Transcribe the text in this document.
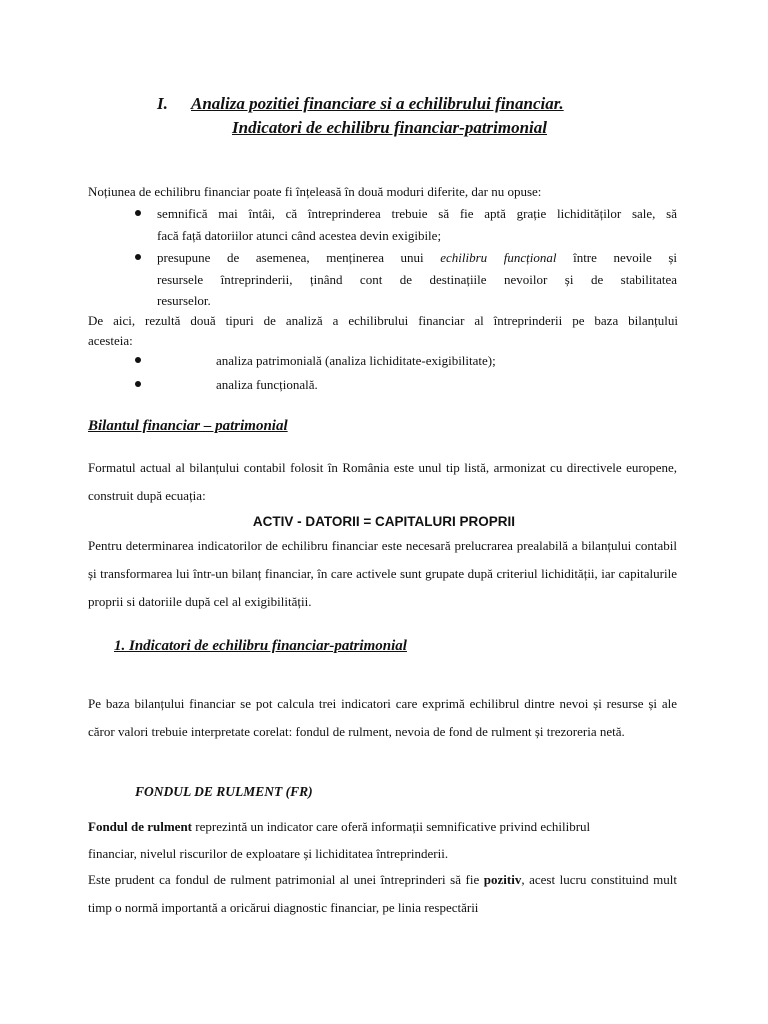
I. Analiza pozitiei financiare si a echilibrului financiar.
Indicatori de echilibru financiar-patrimonial
Noțiunea de echilibru financiar poate fi înțeleasă în două moduri diferite, dar nu opuse:
semnifică mai întâi, că întreprinderea trebuie să fie aptă grație lichidităților sale, să
facă față datoriilor atunci când acestea devin exigibile;
presupune de asemenea, menținerea unui echilibru funcțional între nevoile și
resursele întreprinderii, ținând cont de destinațiile nevoilor și de stabilitatea
resurselor.
De aici, rezultă două tipuri de analiză a echilibrului financiar al întreprinderii pe baza bilanțului
acesteia:
analiza patrimonială (analiza lichiditate-exigibilitate);
analiza funcțională.
Bilantul financiar – patrimonial
Formatul actual al bilanțului contabil folosit în România este unul tip listă, armonizat cu directivele europene, construit după ecuația:
ACTIV - DATORII = CAPITALURI PROPRII
Pentru determinarea indicatorilor de echilibru financiar este necesară prelucrarea prealabilă a bilanțului contabil și transformarea lui într-un bilanț financiar, în care activele sunt grupate după criteriul lichidității, iar capitalurile proprii si datoriile după cel al exigibilității.
1. Indicatori de echilibru financiar-patrimonial
Pe baza bilanțului financiar se pot calcula trei indicatori care exprimă echilibrul dintre nevoi și resurse și ale căror valori trebuie interpretate corelat: fondul de rulment, nevoia de fond de rulment și trezoreria netă.
FONDUL DE RULMENT (FR)
Fondul de rulment reprezintă un indicator care oferă informații semnificative privind echilibrul
financiar, nivelul riscurilor de exploatare și lichiditatea întreprinderii.
Este prudent ca fondul de rulment patrimonial al unei întreprinderi să fie pozitiv, acest lucru constituind mult timp o normă importantă a oricărui diagnostic financiar, pe linia respectării
